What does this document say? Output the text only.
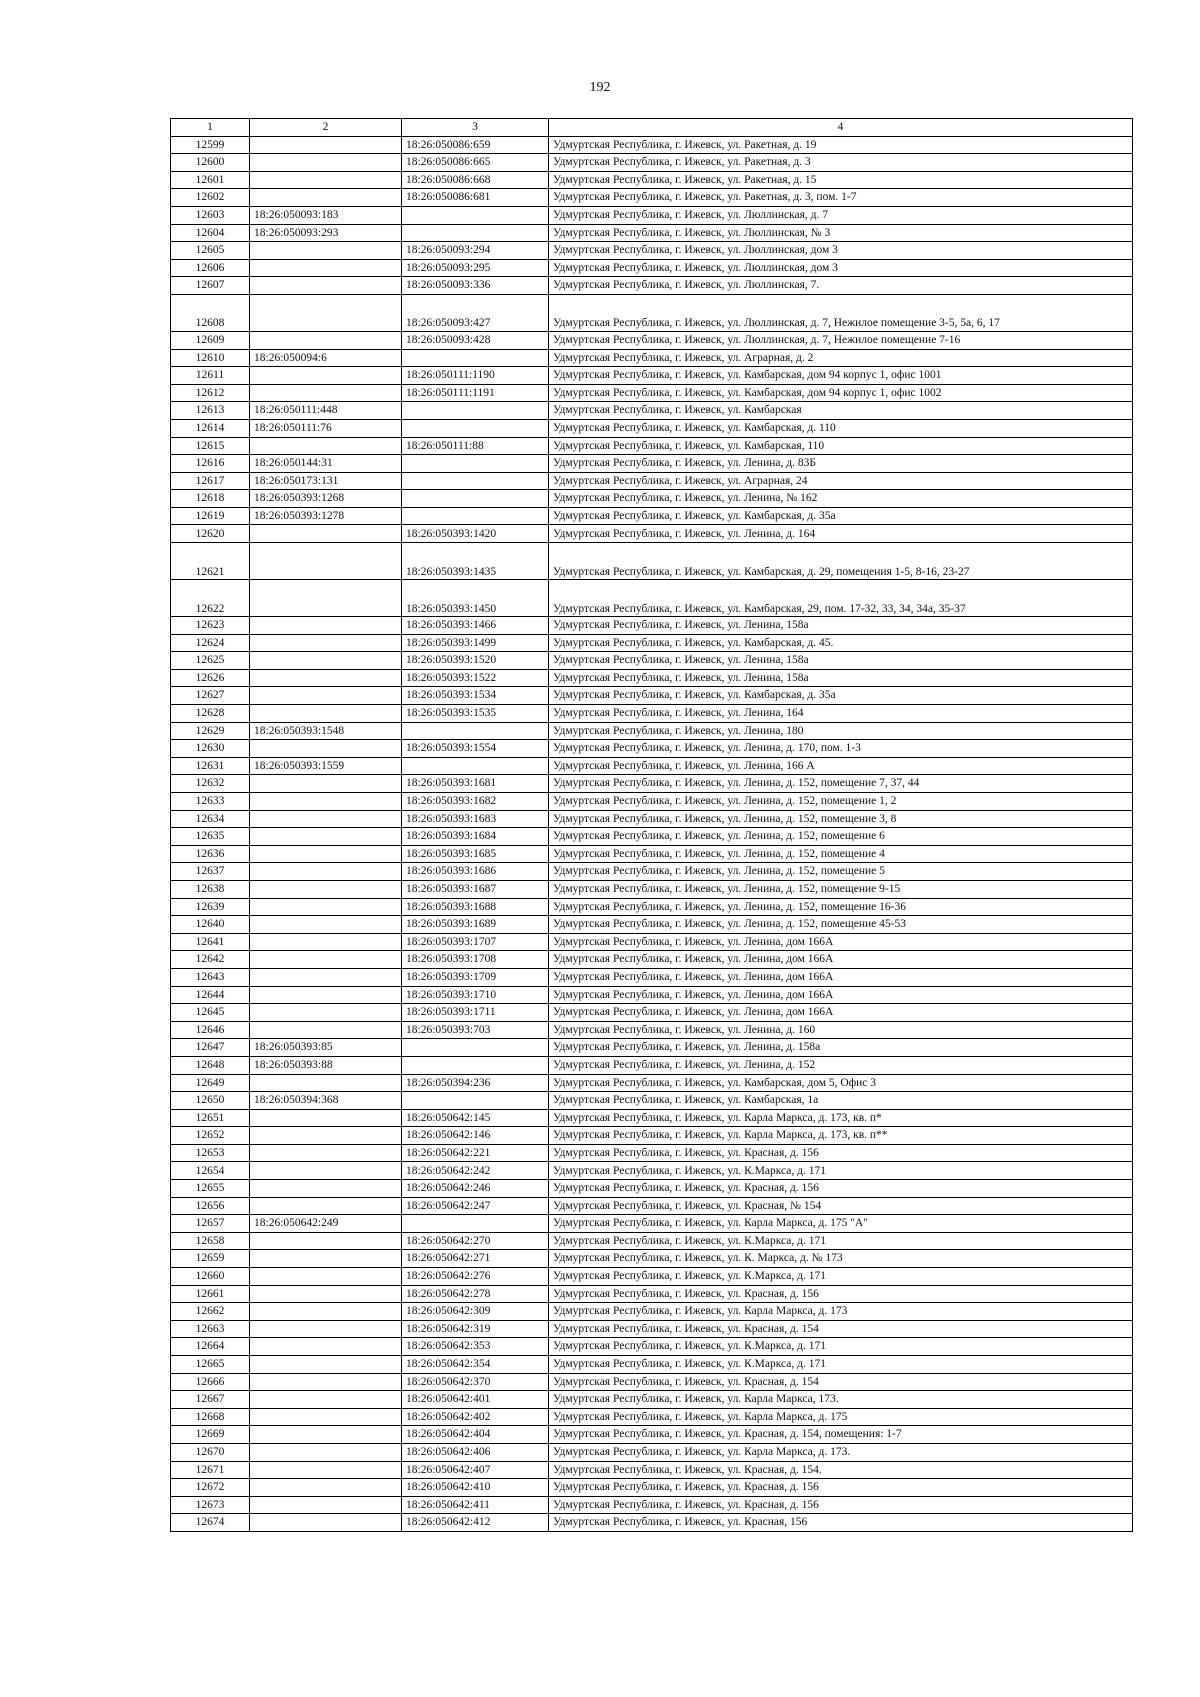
192
1	2	3	4
12599		18:26:050086:659	Удмуртская Республика, г. Ижевск, ул. Ракетная, д. 19
12600		18:26:050086:665	Удмуртская Республика, г. Ижевск, ул. Ракетная, д. 3
12601		18:26:050086:668	Удмуртская Республика, г. Ижевск, ул. Ракетная, д. 15
12602		18:26:050086:681	Удмуртская Республика, г. Ижевск, ул. Ракетная, д. 3, пом. 1-7
12603	18:26:050093:183		Удмуртская Республика, г. Ижевск, ул. Люллинская, д. 7
12604	18:26:050093:293		Удмуртская Республика, г. Ижевск, ул. Люллинская, № 3
12605		18:26:050093:294	Удмуртская Республика, г. Ижевск, ул. Люллинская, дом 3
12606		18:26:050093:295	Удмуртская Республика, г. Ижевск, ул. Люллинская, дом 3
12607		18:26:050093:336	Удмуртская Республика, г. Ижевск, ул. Люллинская, 7.
12608		18:26:050093:427	Удмуртская Республика, г. Ижевск, ул. Люллинская, д. 7, Нежилое помещение 3-5, 5а, 6, 17
12609		18:26:050093:428	Удмуртская Республика, г. Ижевск, ул. Люллинская, д. 7, Нежилое помещение 7-16
12610	18:26:050094:6		Удмуртская Республика, г. Ижевск, ул. Аграрная, д. 2
12611		18:26:050111:1190	Удмуртская Республика, г. Ижевск, ул. Камбарская, дом 94 корпус 1, офис 1001
12612		18:26:050111:1191	Удмуртская Республика, г. Ижевск, ул. Камбарская, дом 94 корпус 1, офис 1002
12613	18:26:050111:448		Удмуртская Республика, г. Ижевск, ул. Камбарская
12614	18:26:050111:76		Удмуртская Республика, г. Ижевск, ул. Камбарская, д. 110
12615		18:26:050111:88	Удмуртская Республика, г. Ижевск, ул. Камбарская, 110
12616	18:26:050144:31		Удмуртская Республика, г. Ижевск, ул. Ленина, д. 83Б
12617	18:26:050173:131		Удмуртская Республика, г. Ижевск, ул. Аграрная, 24
12618	18:26:050393:1268		Удмуртская Республика, г. Ижевск, ул. Ленина, № 162
12619	18:26:050393:1278		Удмуртская Республика, г. Ижевск, ул. Камбарская, д. 35а
12620		18:26:050393:1420	Удмуртская Республика, г. Ижевск, ул. Ленина, д. 164
12621		18:26:050393:1435	Удмуртская Республика, г. Ижевск, ул. Камбарская, д. 29, помещения 1-5, 8-16, 23-27
12622		18:26:050393:1450	Удмуртская Республика, г. Ижевск, ул. Камбарская, 29, пом. 17-32, 33, 34, 34а, 35-37
12623		18:26:050393:1466	Удмуртская Республика, г. Ижевск, ул. Ленина, 158а
12624		18:26:050393:1499	Удмуртская Республика, г. Ижевск, ул. Камбарская, д. 45.
12625		18:26:050393:1520	Удмуртская Республика, г. Ижевск, ул. Ленина, 158а
12626		18:26:050393:1522	Удмуртская Республика, г. Ижевск, ул. Ленина, 158а
12627		18:26:050393:1534	Удмуртская Республика, г. Ижевск, ул. Камбарская, д. 35а
12628		18:26:050393:1535	Удмуртская Республика, г. Ижевск, ул. Ленина, 164
12629	18:26:050393:1548		Удмуртская Республика, г. Ижевск, ул. Ленина, 180
12630		18:26:050393:1554	Удмуртская Республика, г. Ижевск, ул. Ленина, д. 170, пом. 1-3
12631	18:26:050393:1559		Удмуртская Республика, г. Ижевск, ул. Ленина, 166 А
12632		18:26:050393:1681	Удмуртская Республика, г. Ижевск, ул. Ленина, д. 152, помещение 7, 37, 44
12633		18:26:050393:1682	Удмуртская Республика, г. Ижевск, ул. Ленина, д. 152, помещение 1, 2
12634		18:26:050393:1683	Удмуртская Республика, г. Ижевск, ул. Ленина, д. 152, помещение 3, 8
12635		18:26:050393:1684	Удмуртская Республика, г. Ижевск, ул. Ленина, д. 152, помещение 6
12636		18:26:050393:1685	Удмуртская Республика, г. Ижевск, ул. Ленина, д. 152, помещение 4
12637		18:26:050393:1686	Удмуртская Республика, г. Ижевск, ул. Ленина, д. 152, помещение 5
12638		18:26:050393:1687	Удмуртская Республика, г. Ижевск, ул. Ленина, д. 152, помещение 9-15
12639		18:26:050393:1688	Удмуртская Республика, г. Ижевск, ул. Ленина, д. 152, помещение 16-36
12640		18:26:050393:1689	Удмуртская Республика, г. Ижевск, ул. Ленина, д. 152, помещение 45-53
12641		18:26:050393:1707	Удмуртская Республика, г. Ижевск, ул. Ленина, дом 166А
12642		18:26:050393:1708	Удмуртская Республика, г. Ижевск, ул. Ленина, дом 166А
12643		18:26:050393:1709	Удмуртская Республика, г. Ижевск, ул. Ленина, дом 166А
12644		18:26:050393:1710	Удмуртская Республика, г. Ижевск, ул. Ленина, дом 166А
12645		18:26:050393:1711	Удмуртская Республика, г. Ижевск, ул. Ленина, дом 166А
12646		18:26:050393:703	Удмуртская Республика, г. Ижевск, ул. Ленина, д. 160
12647	18:26:050393:85		Удмуртская Республика, г. Ижевск, ул. Ленина, д. 158а
12648	18:26:050393:88		Удмуртская Республика, г. Ижевск, ул. Ленина, д. 152
12649		18:26:050394:236	Удмуртская Республика, г. Ижевск, ул. Камбарская, дом 5, Офис 3
12650	18:26:050394:368		Удмуртская Республика, г. Ижевск, ул. Камбарская, 1а
12651		18:26:050642:145	Удмуртская Республика, г. Ижевск, ул. Карла Маркса, д. 173, кв. п*
12652		18:26:050642:146	Удмуртская Республика, г. Ижевск, ул. Карла Маркса, д. 173, кв. п**
12653		18:26:050642:221	Удмуртская Республика, г. Ижевск, ул. Красная, д. 156
12654		18:26:050642:242	Удмуртская Республика, г. Ижевск, ул. К.Маркса, д. 171
12655		18:26:050642:246	Удмуртская Республика, г. Ижевск, ул. Красная, д. 156
12656		18:26:050642:247	Удмуртская Республика, г. Ижевск, ул. Красная, № 154
12657	18:26:050642:249		Удмуртская Республика, г. Ижевск, ул. Карла Маркса, д. 175 "А"
12658		18:26:050642:270	Удмуртская Республика, г. Ижевск, ул. К.Маркса, д. 171
12659		18:26:050642:271	Удмуртская Республика, г. Ижевск, ул. К. Маркса, д. № 173
12660		18:26:050642:276	Удмуртская Республика, г. Ижевск, ул. К.Маркса, д. 171
12661		18:26:050642:278	Удмуртская Республика, г. Ижевск, ул. Красная, д. 156
12662		18:26:050642:309	Удмуртская Республика, г. Ижевск, ул. Карла Маркса, д. 173
12663		18:26:050642:319	Удмуртская Республика, г. Ижевск, ул. Красная, д. 154
12664		18:26:050642:353	Удмуртская Республика, г. Ижевск, ул. К.Маркса, д. 171
12665		18:26:050642:354	Удмуртская Республика, г. Ижевск, ул. К.Маркса, д. 171
12666		18:26:050642:370	Удмуртская Республика, г. Ижевск, ул. Красная, д. 154
12667		18:26:050642:401	Удмуртская Республика, г. Ижевск, ул. Карла Маркса, 173.
12668		18:26:050642:402	Удмуртская Республика, г. Ижевск, ул. Карла Маркса, д. 175
12669		18:26:050642:404	Удмуртская Республика, г. Ижевск, ул. Красная, д. 154, помещения: 1-7
12670		18:26:050642:406	Удмуртская Республика, г. Ижевск, ул. Карла Маркса, д. 173.
12671		18:26:050642:407	Удмуртская Республика, г. Ижевск, ул. Красная, д. 154.
12672		18:26:050642:410	Удмуртская Республика, г. Ижевск, ул. Красная, д. 156
12673		18:26:050642:411	Удмуртская Республика, г. Ижевск, ул. Красная, д. 156
12674		18:26:050642:412	Удмуртская Республика, г. Ижевск, ул. Красная, 156
